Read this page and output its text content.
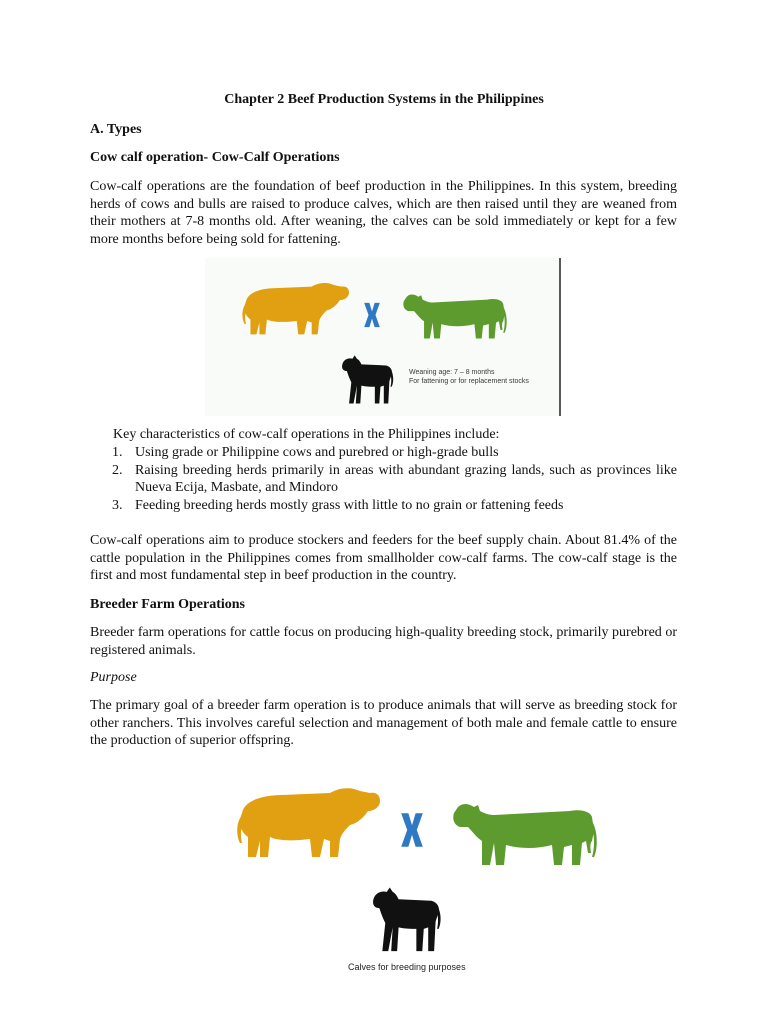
Chapter 2 Beef Production Systems in the Philippines
A. Types
Cow calf operation- Cow-Calf Operations
Cow-calf operations are the foundation of beef production in the Philippines. In this system, breeding herds of cows and bulls are raised to produce calves, which are then raised until they are weaned from their mothers at 7-8 months old. After weaning, the calves can be sold immediately or kept for a few more months before being sold for fattening.
Weaning age: 7 – 8 months
For fattening or for replacement stocks
Key characteristics of cow-calf operations in the Philippines include:
1. Using grade or Philippine cows and purebred or high-grade bulls
2. Raising breeding herds primarily in areas with abundant grazing lands, such as provinces like Nueva Ecija, Masbate, and Mindoro
3. Feeding breeding herds mostly grass with little to no grain or fattening feeds
Cow-calf operations aim to produce stockers and feeders for the beef supply chain. About 81.4% of the cattle population in the Philippines comes from smallholder cow-calf farms. The cow-calf stage is the first and most fundamental step in beef production in the country.
Breeder Farm Operations
Breeder farm operations for cattle focus on producing high-quality breeding stock, primarily purebred or registered animals.
Purpose
The primary goal of a breeder farm operation is to produce animals that will serve as breeding stock for other ranchers. This involves careful selection and management of both male and female cattle to ensure the production of superior offspring.
Calves for breeding purposes
